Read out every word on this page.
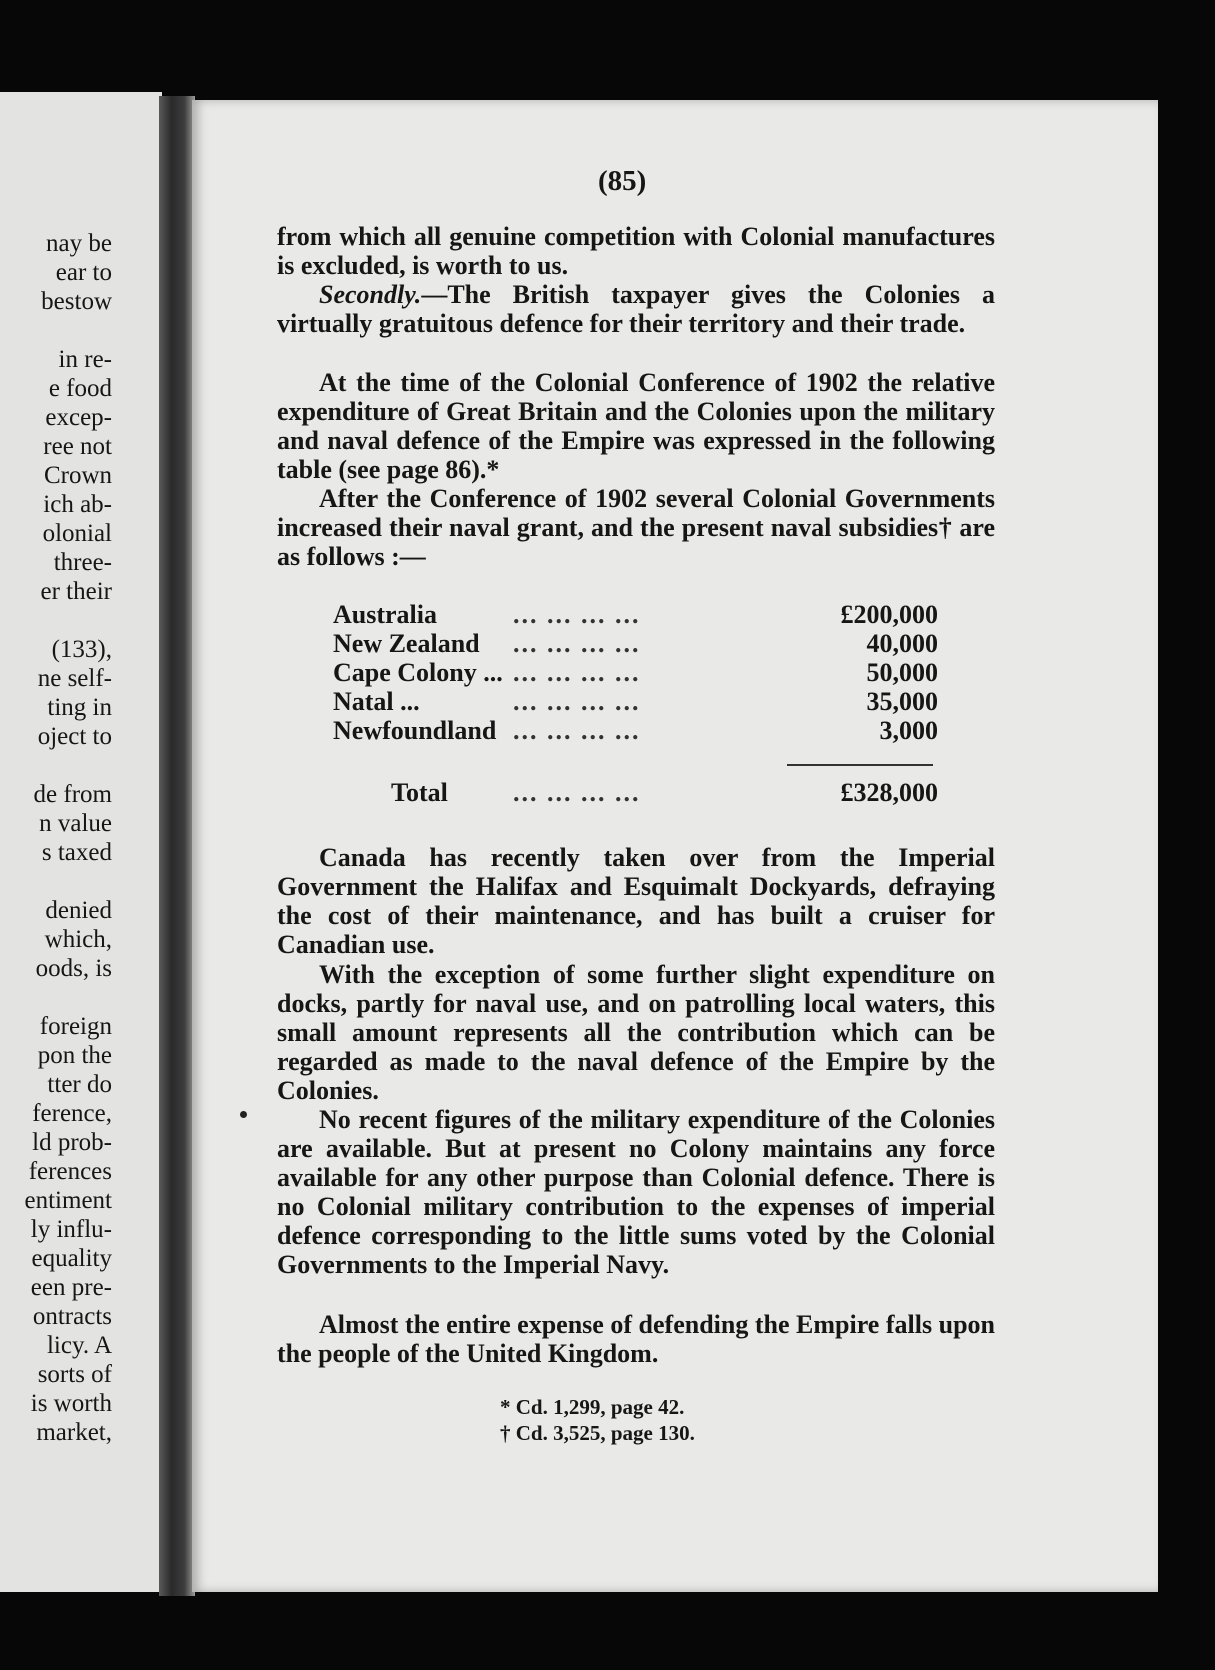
nay be
ear to
bestow
in re-
e food
excep-
ree not
Crown
ich ab-
olonial
three-
er their
(133),
ne self-
ting in
oject to
de from
n value
s taxed
denied
which,
oods, is
foreign
pon the
tter do
ference,
ld prob-
ferences
entiment
ly influ-
equality
een pre-
ontracts
licy. A
sorts of
is worth
market,
(85)
from which all genuine competition with Colonial manufactures is excluded, is worth to us.
Secondly.—The British taxpayer gives the Colonies a virtually gratuitous defence for their territory and their trade.
At the time of the Colonial Conference of 1902 the relative expenditure of Great Britain and the Colonies upon the military and naval defence of the Empire was expressed in the following table (see page 86).*
After the Conference of 1902 several Colonial Governments increased their naval grant, and the present naval subsidies† are as follows :—
Australia	... ... ... ...	£200,000
New Zealand ... ... ... ...	40,000
Cape Colony ... ... ... ... ...	50,000
Natal ...	... ... ... ...	35,000
Newfoundland ... ... ... ...	3,000
Total	... ... ... ...	£328,000
Canada has recently taken over from the Imperial Government the Halifax and Esquimalt Dockyards, defraying the cost of their maintenance, and has built a cruiser for Canadian use.
With the exception of some further slight expenditure on docks, partly for naval use, and on patrolling local waters, this small amount represents all the contribution which can be regarded as made to the naval defence of the Empire by the Colonies.
No recent figures of the military expenditure of the Colonies are available. But at present no Colony maintains any force available for any other purpose than Colonial defence. There is no Colonial military contribution to the expenses of imperial defence corresponding to the little sums voted by the Colonial Governments to the Imperial Navy.
Almost the entire expense of defending the Empire falls upon the people of the United Kingdom.
* Cd. 1,299, page 42.
† Cd. 3,525, page 130.
